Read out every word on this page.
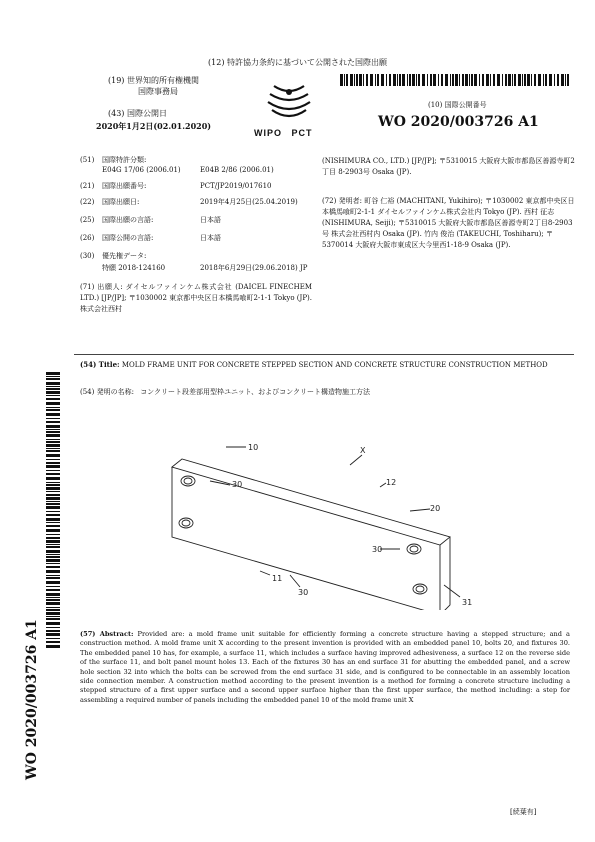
(12) 特許協力条約に基づいて公開された国際出願
(19) 世界知的所有権機関
国際事務局
(43) 国際公開日
2020年1月2日(02.01.2020)
WIPO PCT
(10) 国際公開番号
WO 2020/003726 A1
(51) 国際特許分類:
E04G 17/06 (2006.01)	E04B 2/86 (2006.01)
(21) 国際出願番号:	PCT/JP2019/017610
(22) 国際出願日:	2019年4月25日(25.04.2019)
(25) 国際出願の言語:	日本語
(26) 国際公開の言語:	日本語
(30) 優先権データ:
特願 2018-124160	2018年6月29日(29.06.2018) JP
(71) 出願人: ダイセルファインケム株式会社 (DAICEL FINECHEM LTD.) [JP/JP]; 〒1030002 東京都中央区日本橋馬喰町2-1-1 Tokyo (JP). 株式会社西村
(NISHIMURA CO., LTD.) [JP/JP]; 〒5310015 大阪府大阪市都島区善源寺町2丁目 8-2903号 Osaka (JP).
(72) 発明者: 町谷 仁裕 (MACHITANI, Yukihiro); 〒1030002 東京都中央区日本橋馬喰町2-1-1 ダイセルファインケム株式会社内 Tokyo (JP). 西村 征志 (NISHIMURA, Seiji); 〒5310015 大阪府大阪市都島区善源寺町2丁目8-2903号 株式会社西村内 Osaka (JP). 竹内 俊治 (TAKEUCHI, Toshiharu); 〒5370014 大阪府大阪市東成区大今里西1-18-9 Osaka (JP).
(54) Title: MOLD FRAME UNIT FOR CONCRETE STEPPED SECTION AND CONCRETE STRUCTURE CONSTRUCTION METHOD
(54) 発明の名称: コンクリート段差部用型枠ユニット、およびコンクリート構造物施工方法
10
30
X
12
20
30
30
11
31
(57) Abstract: Provided are: a mold frame unit suitable for efficiently forming a concrete structure having a stepped structure; and a construction method. A mold frame unit X according to the present invention is provided with an embedded panel 10, bolts 20, and fixtures 30. The embedded panel 10 has, for example, a surface 11, which includes a surface having improved adhesiveness, a surface 12 on the reverse side of the surface 11, and bolt panel mount holes 13. Each of the fixtures 30 has an end surface 31 for abutting the embedded panel, and a screw hole section 32 into which the bolts can be screwed from the end surface 31 side, and is configured to be connectable in an assembly location side connection member. A construction method according to the present invention is a method for forming a concrete structure including a stepped structure of a first upper surface and a second upper surface higher than the first upper surface, the method including: a step for assembling a required number of panels including the embedded panel 10 of the mold frame unit X
WO 2020/003726 A1
[続葉有]
